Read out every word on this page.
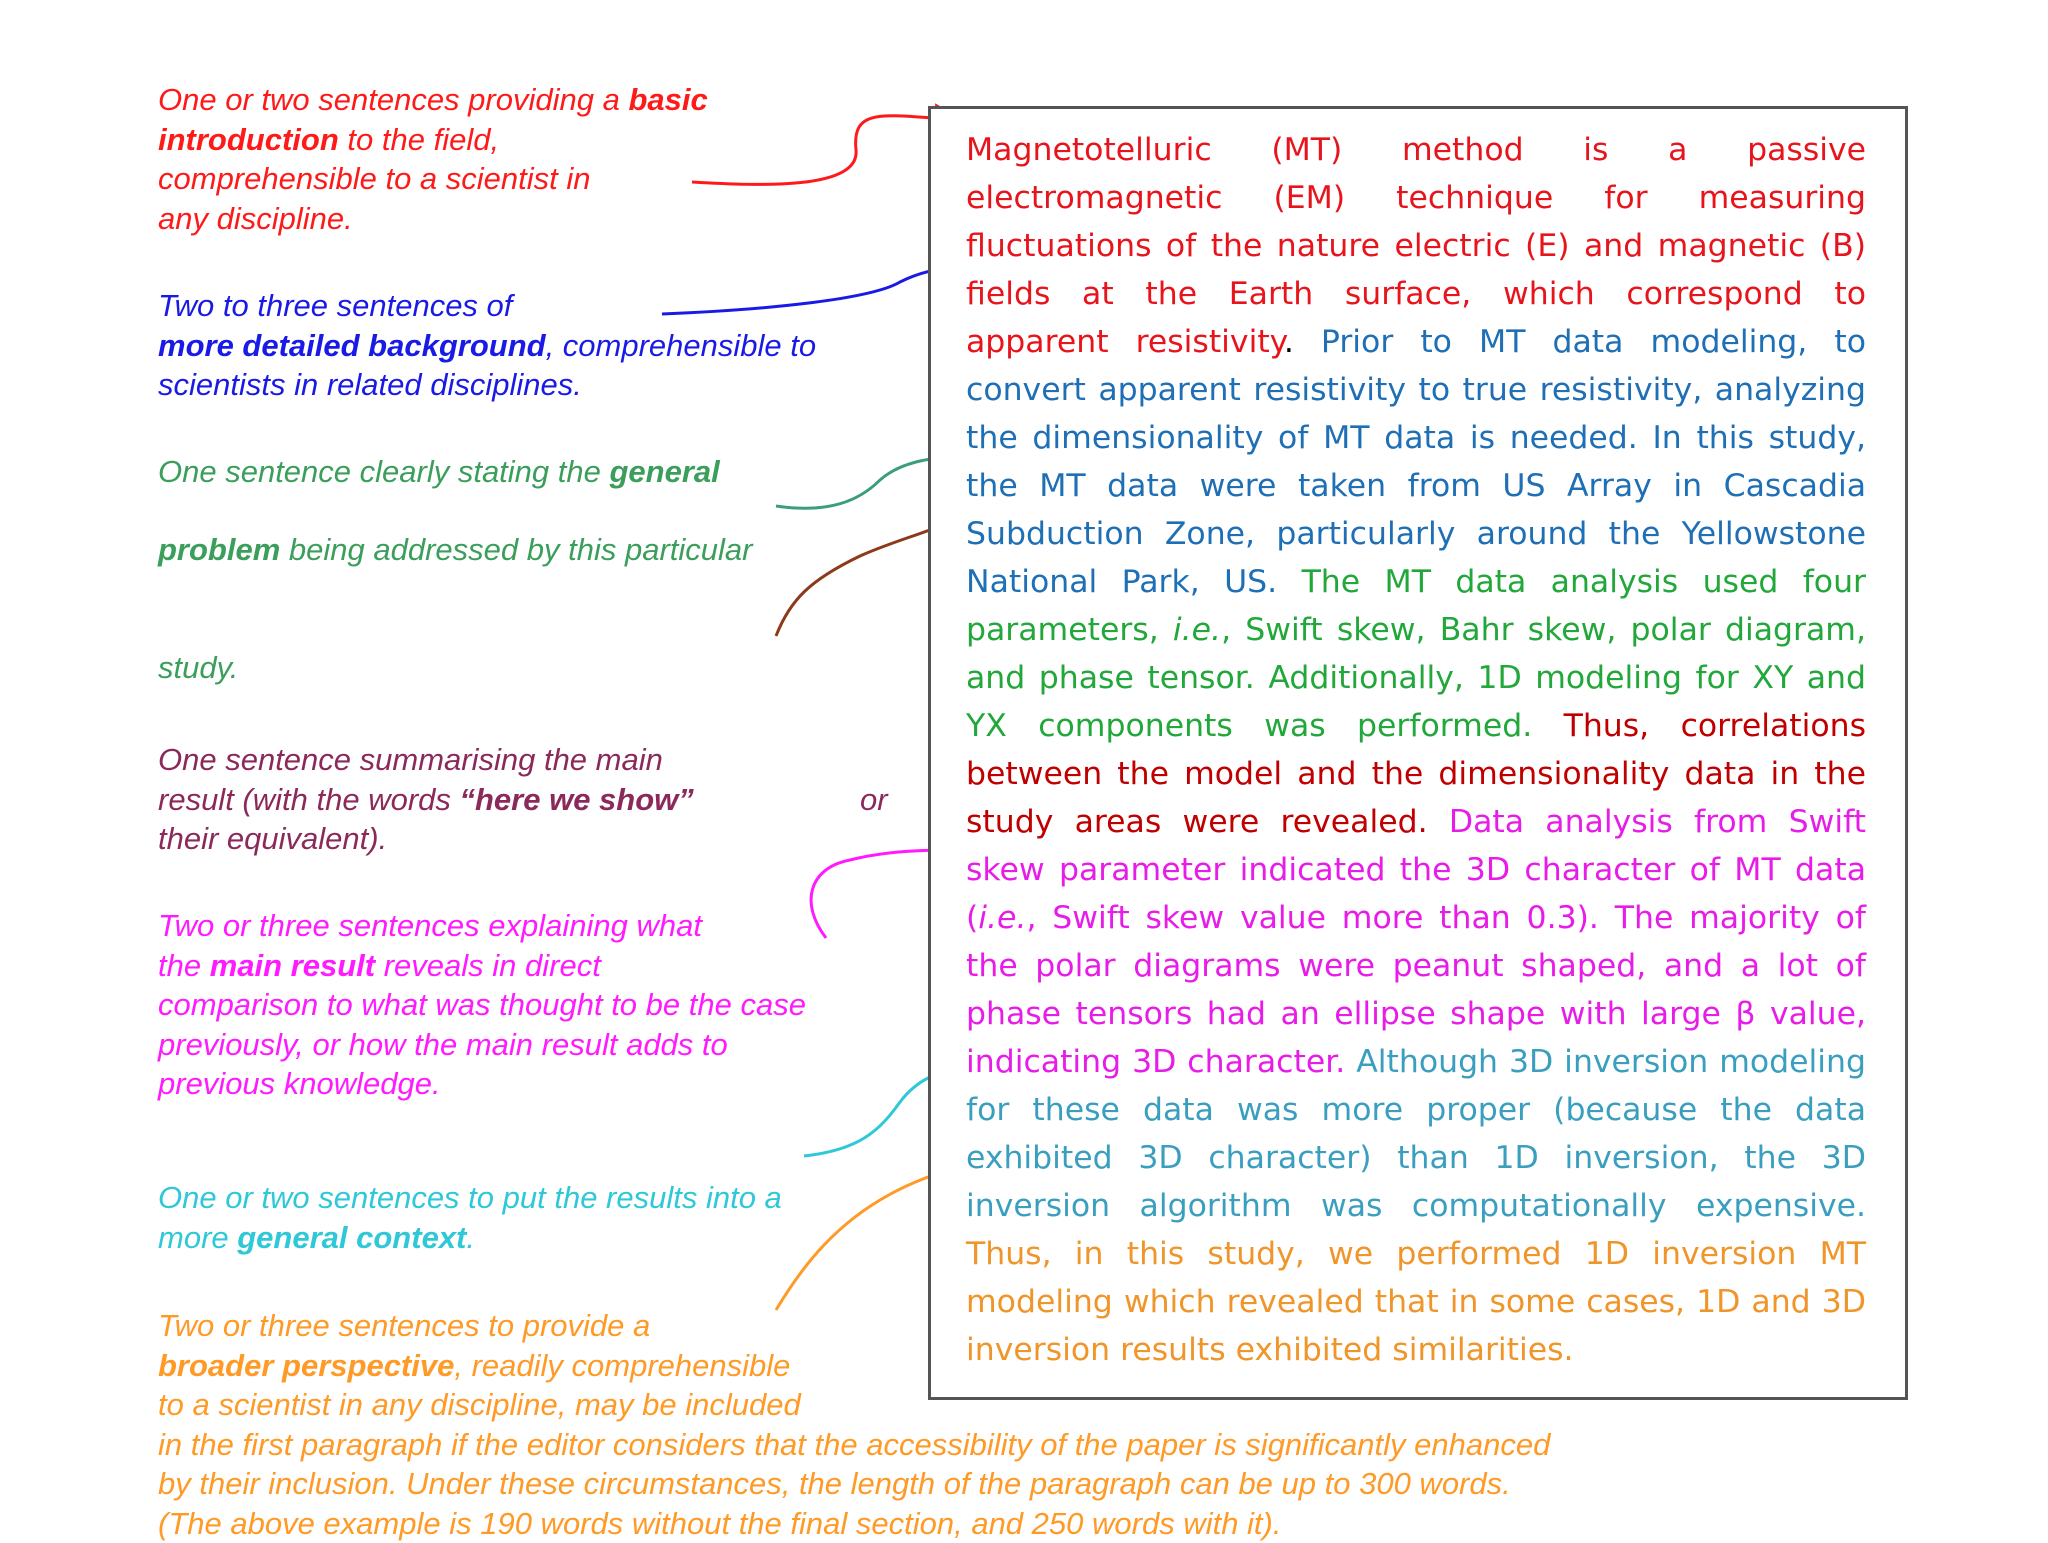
One or two sentences providing a basic
introduction to the field,
comprehensible to a scientist in
any discipline.
Two to three sentences of
more detailed background, comprehensible to
scientists in related disciplines.
One sentence clearly stating the general
problem being addressed by this particular
study.
One sentence summarising the main
result (with the words “here we show”	or
their equivalent).
Two or three sentences explaining what
the main result reveals in direct
comparison to what was thought to be the case
previously, or how the main result adds to
previous knowledge.
One or two sentences to put the results into a
more general context.
Two or three sentences to provide a
broader perspective, readily comprehensible
to a scientist in any discipline, may be included
in the first paragraph if the editor considers that the accessibility of the paper is significantly enhanced
by their inclusion. Under these circumstances, the length of the paragraph can be up to 300 words.
(The above example is 190 words without the final section, and 250 words with it).

Magnetotelluric (MT) method is a passive electromagnetic (EM) technique for measuring fluctuations of the nature electric (E) and magnetic (B) fields at the Earth surface, which correspond to apparent resistivity. Prior to MT data modeling, to convert apparent resistivity to true resistivity, analyzing the dimensionality of MT data is needed. In this study, the MT data were taken from US Array in Cascadia Subduction Zone, particularly around the Yellowstone National Park, US. The MT data analysis used four parameters, i.e., Swift skew, Bahr skew, polar diagram, and phase tensor. Additionally, 1D modeling for XY and YX components was performed. Thus, correlations between the model and the dimensionality data in the study areas were revealed. Data analysis from Swift skew parameter indicated the 3D character of MT data (i.e., Swift skew value more than 0.3). The majority of the polar diagrams were peanut shaped, and a lot of phase tensors had an ellipse shape with large β value, indicating 3D character. Although 3D inversion modeling for these data was more proper (because the data exhibited 3D character) than 1D inversion, the 3D inversion algorithm was computationally expensive. Thus, in this study, we performed 1D inversion MT modeling which revealed that in some cases, 1D and 3D inversion results exhibited similarities.
